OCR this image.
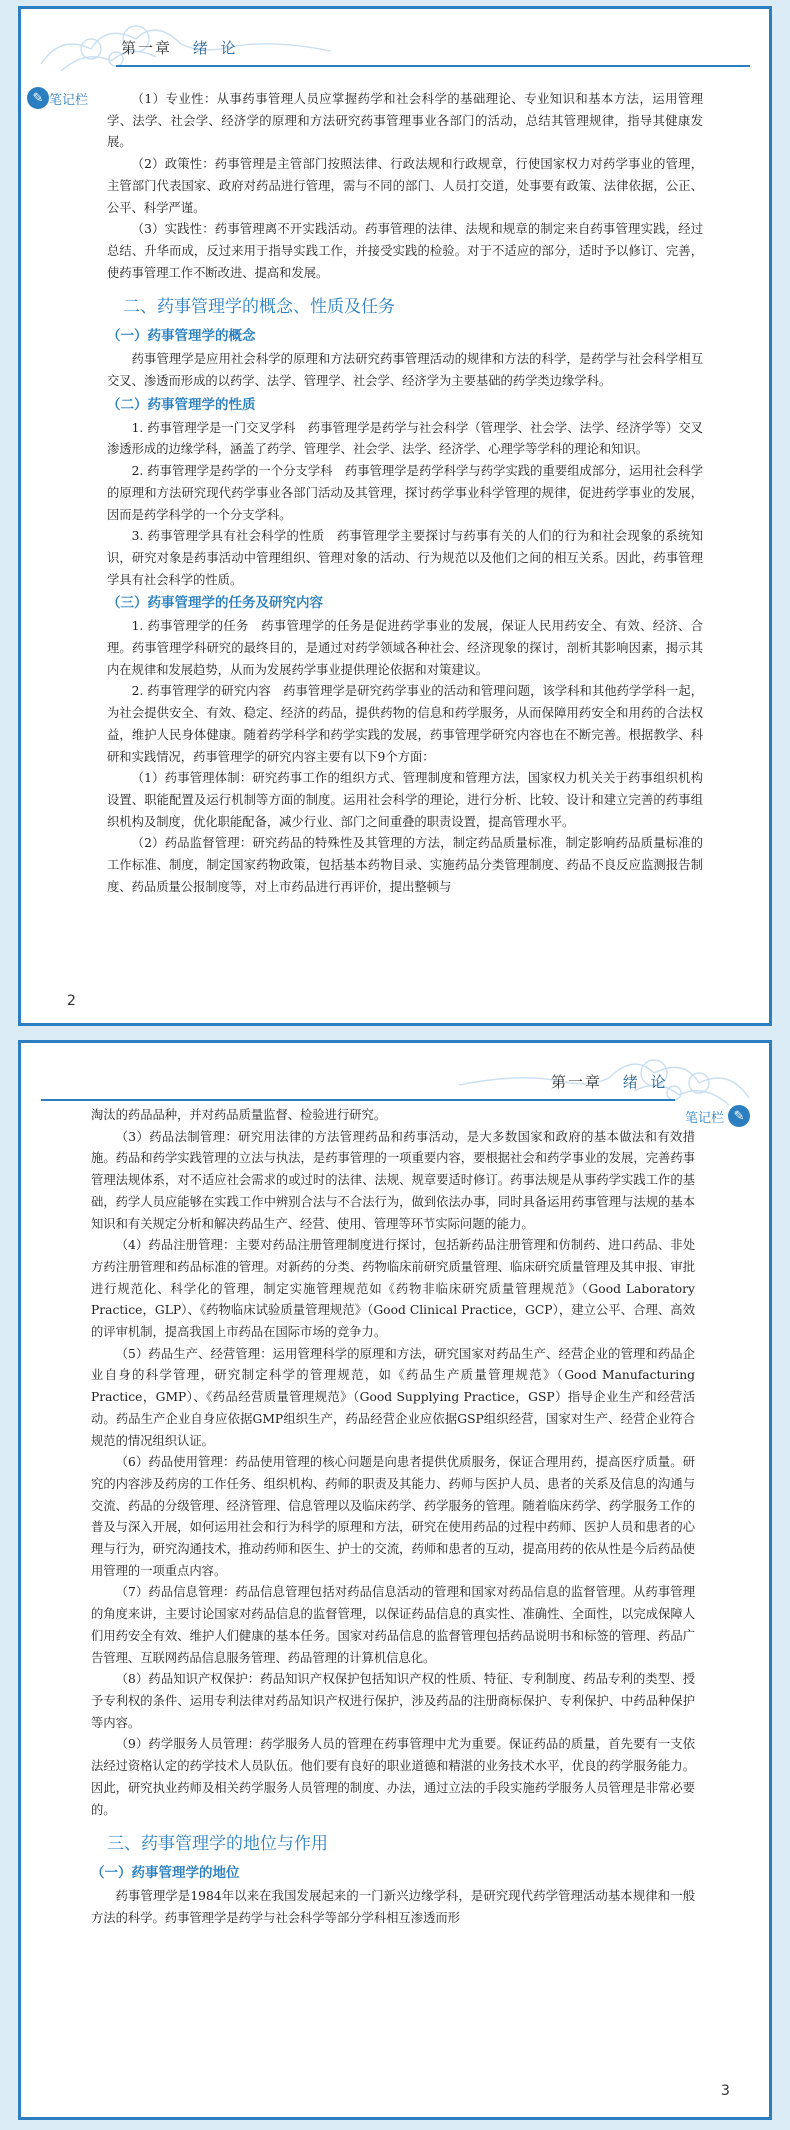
第一章 绪 论
✎ 笔记栏	（1）专业性：从事药事管理人员应掌握药学和社会科学的基础理论、专业知识和基本方法，运用管理学、法学、社会学、经济学的原理和方法研究药事管理事业各部门的活动，总结其管理规律，指导其健康发展。

（2）政策性：药事管理是主管部门按照法律、行政法规和行政规章，行使国家权力对药学事业的管理，主管部门代表国家、政府对药品进行管理，需与不同的部门、人员打交道，处事要有政策、法律依据，公正、公平、科学严谨。

（3）实践性：药事管理离不开实践活动。药事管理的法律、法规和规章的制定来自药事管理实践，经过总结、升华而成，反过来用于指导实践工作，并接受实践的检验。对于不适应的部分，适时予以修订、完善，使药事管理工作不断改进、提高和发展。

二、药事管理学的概念、性质及任务
（一）药事管理学的概念

药事管理学是应用社会科学的原理和方法研究药事管理活动的规律和方法的科学，是药学与社会科学相互交叉、渗透而形成的以药学、法学、管理学、社会学、经济学为主要基础的药学类边缘学科。

（二）药事管理学的性质

1. 药事管理学是一门交叉学科　药事管理学是药学与社会科学（管理学、社会学、法学、经济学等）交叉渗透形成的边缘学科，涵盖了药学、管理学、社会学、法学、经济学、心理学等学科的理论和知识。

2. 药事管理学是药学的一个分支学科　药事管理学是药学科学与药学实践的重要组成部分，运用社会科学的原理和方法研究现代药学事业各部门活动及其管理，探讨药学事业科学管理的规律，促进药学事业的发展，因而是药学科学的一个分支学科。

3. 药事管理学具有社会科学的性质　药事管理学主要探讨与药事有关的人们的行为和社会现象的系统知识，研究对象是药事活动中管理组织、管理对象的活动、行为规范以及他们之间的相互关系。因此，药事管理学具有社会科学的性质。

（三）药事管理学的任务及研究内容

1. 药事管理学的任务　药事管理学的任务是促进药学事业的发展，保证人民用药安全、有效、经济、合理。药事管理学科研究的最终目的，是通过对药学领域各种社会、经济现象的探讨，剖析其影响因素，揭示其内在规律和发展趋势，从而为发展药学事业提供理论依据和对策建议。

2. 药事管理学的研究内容　药事管理学是研究药学事业的活动和管理问题，该学科和其他药学学科一起，为社会提供安全、有效、稳定、经济的药品，提供药物的信息和药学服务，从而保障用药安全和用药的合法权益，维护人民身体健康。随着药学科学和药学实践的发展，药事管理学研究内容也在不断完善。根据教学、科研和实践情况，药事管理学的研究内容主要有以下9个方面：

（1）药事管理体制：研究药事工作的组织方式、管理制度和管理方法，国家权力机关关于药事组织机构设置、职能配置及运行机制等方面的制度。运用社会科学的理论，进行分析、比较、设计和建立完善的药事组织机构及制度，优化职能配备，减少行业、部门之间重叠的职责设置，提高管理水平。

（2）药品监督管理：研究药品的特殊性及其管理的方法，制定药品质量标准，制定影响药品质量标准的工作标准、制度，制定国家药物政策，包括基本药物目录、实施药品分类管理制度、药品不良反应监测报告制度、药品质量公报制度等，对上市药品进行再评价，提出整顿与

2
第一章 绪 论
笔记栏 ✎

淘汰的药品品种，并对药品质量监督、检验进行研究。

（3）药品法制管理：研究用法律的方法管理药品和药事活动，是大多数国家和政府的基本做法和有效措施。药品和药学实践管理的立法与执法，是药事管理的一项重要内容，要根据社会和药学事业的发展，完善药事管理法规体系，对不适应社会需求的或过时的法律、法规、规章要适时修订。药事法规是从事药学实践工作的基础，药学人员应能够在实践工作中辨别合法与不合法行为，做到依法办事，同时具备运用药事管理与法规的基本知识和有关规定分析和解决药品生产、经营、使用、管理等环节实际问题的能力。

（4）药品注册管理：主要对药品注册管理制度进行探讨，包括新药品注册管理和仿制药、进口药品、非处方药注册管理和药品标准的管理。对新药的分类、药物临床前研究质量管理、临床研究质量管理及其申报、审批进行规范化、科学化的管理，制定实施管理规范如《药物非临床研究质量管理规范》（Good Laboratory Practice，GLP）、《药物临床试验质量管理规范》（Good Clinical Practice，GCP），建立公平、合理、高效的评审机制，提高我国上市药品在国际市场的竞争力。

（5）药品生产、经营管理：运用管理科学的原理和方法，研究国家对药品生产、经营企业的管理和药品企业自身的科学管理，研究制定科学的管理规范，如《药品生产质量管理规范》（Good Manufacturing Practice，GMP）、《药品经营质量管理规范》（Good Supplying Practice，GSP）指导企业生产和经营活动。药品生产企业自身应依据GMP组织生产，药品经营企业应依据GSP组织经营，国家对生产、经营企业符合规范的情况组织认证。

（6）药品使用管理：药品使用管理的核心问题是向患者提供优质服务，保证合理用药，提高医疗质量。研究的内容涉及药房的工作任务、组织机构、药师的职责及其能力、药师与医护人员、患者的关系及信息的沟通与交流、药品的分级管理、经济管理、信息管理以及临床药学、药学服务的管理。随着临床药学、药学服务工作的普及与深入开展，如何运用社会和行为科学的原理和方法，研究在使用药品的过程中药师、医护人员和患者的心理与行为，研究沟通技术，推动药师和医生、护士的交流，药师和患者的互动，提高用药的依从性是今后药品使用管理的一项重点内容。

（7）药品信息管理：药品信息管理包括对药品信息活动的管理和国家对药品信息的监督管理。从药事管理的角度来讲，主要讨论国家对药品信息的监督管理，以保证药品信息的真实性、准确性、全面性，以完成保障人们用药安全有效、维护人们健康的基本任务。国家对药品信息的监督管理包括药品说明书和标签的管理、药品广告管理、互联网药品信息服务管理、药品管理的计算机信息化。

（8）药品知识产权保护：药品知识产权保护包括知识产权的性质、特征、专利制度、药品专利的类型、授予专利权的条件、运用专利法律对药品知识产权进行保护，涉及药品的注册商标保护、专利保护、中药品种保护等内容。

（9）药学服务人员管理：药学服务人员的管理在药事管理中尤为重要。保证药品的质量，首先要有一支依法经过资格认定的药学技术人员队伍。他们要有良好的职业道德和精湛的业务技术水平，优良的药学服务能力。因此，研究执业药师及相关药学服务人员管理的制度、办法，通过立法的手段实施药学服务人员管理是非常必要的。

三、药事管理学的地位与作用
（一）药事管理学的地位

药事管理学是1984年以来在我国发展起来的一门新兴边缘学科，是研究现代药学管理活动基本规律和一般方法的科学。药事管理学是药学与社会科学等部分学科相互渗透而形

3
